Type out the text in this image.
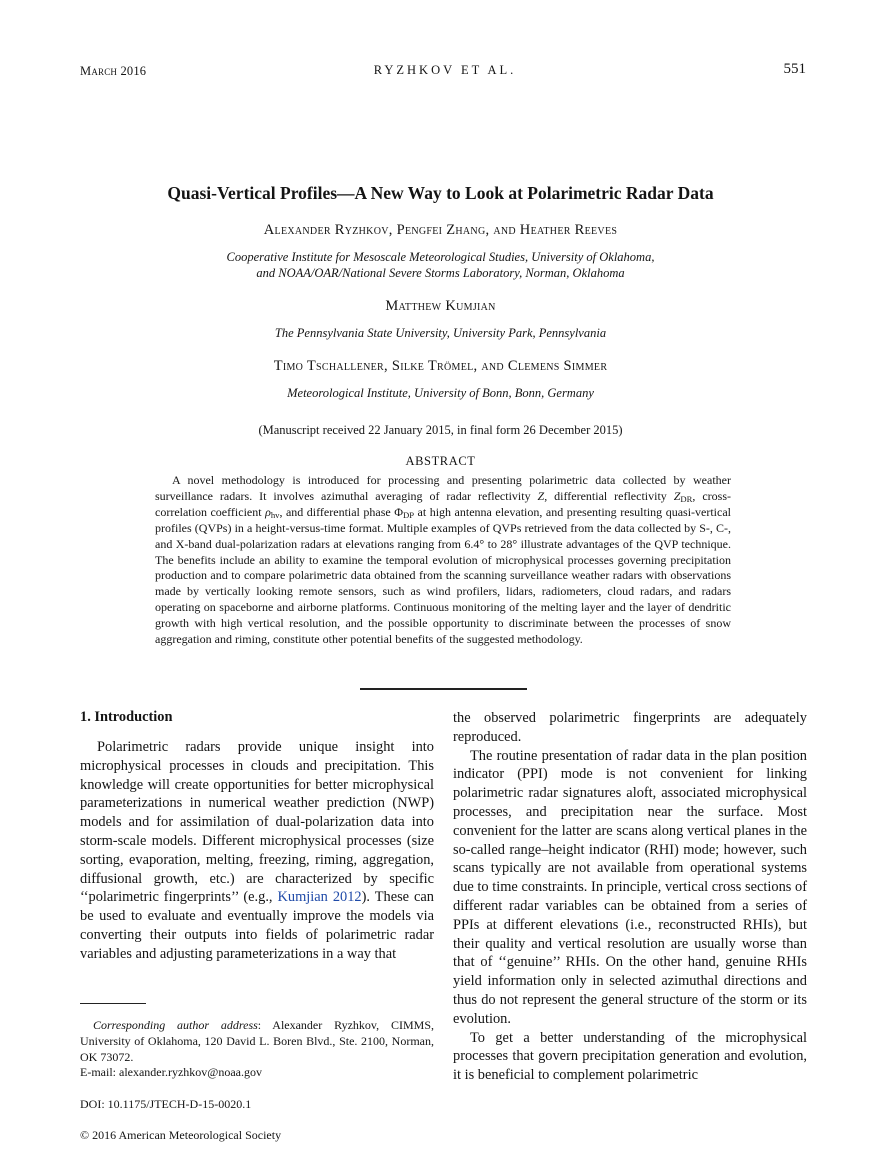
March 2016	RYZHKOV ET AL.	551
Quasi-Vertical Profiles—A New Way to Look at Polarimetric Radar Data
Alexander Ryzhkov, Pengfei Zhang, and Heather Reeves
Cooperative Institute for Mesoscale Meteorological Studies, University of Oklahoma,
and NOAA/OAR/National Severe Storms Laboratory, Norman, Oklahoma
Matthew Kumjian
The Pennsylvania State University, University Park, Pennsylvania
Timo Tschallener, Silke Trömel, and Clemens Simmer
Meteorological Institute, University of Bonn, Bonn, Germany
(Manuscript received 22 January 2015, in final form 26 December 2015)
ABSTRACT

A novel methodology is introduced for processing and presenting polarimetric data collected by weather surveillance radars. It involves azimuthal averaging of radar reflectivity Z, differential reflectivity $Z_{DR}$, cross-correlation coefficient $\rho_{hv}$, and differential phase $\Phi_{DP}$ at high antenna elevation, and presenting resulting quasi-vertical profiles (QVPs) in a height-versus-time format. Multiple examples of QVPs retrieved from the data collected by S-, C-, and X-band dual-polarization radars at elevations ranging from 6.4° to 28° illustrate advantages of the QVP technique. The benefits include an ability to examine the temporal evolution of microphysical processes governing precipitation production and to compare polarimetric data obtained from the scanning surveillance weather radars with observations made by vertically looking remote sensors, such as wind profilers, lidars, radiometers, cloud radars, and radars operating on spaceborne and airborne platforms. Continuous monitoring of the melting layer and the layer of dendritic growth with high vertical resolution, and the possible opportunity to discriminate between the processes of snow aggregation and riming, constitute other potential benefits of the suggested methodology.

1. Introduction

Polarimetric radars provide unique insight into microphysical processes in clouds and precipitation. This knowledge will create opportunities for better microphysical parameterizations in numerical weather prediction (NWP) models and for assimilation of dual-polarization data into storm-scale models. Different microphysical processes (size sorting, evaporation, melting, freezing, riming, aggregation, diffusional growth, etc.) are characterized by specific ‘‘polarimetric fingerprints’’ (e.g., Kumjian 2012). These can be used to evaluate and eventually improve the models via converting their outputs into fields of polarimetric radar variables and adjusting parameterizations in a way that

the observed polarimetric fingerprints are adequately reproduced.

The routine presentation of radar data in the plan position indicator (PPI) mode is not convenient for linking polarimetric radar signatures aloft, associated microphysical processes, and precipitation near the surface. Most convenient for the latter are scans along vertical planes in the so-called range–height indicator (RHI) mode; however, such scans typically are not available from operational systems due to time constraints. In principle, vertical cross sections of different radar variables can be obtained from a series of PPIs at different elevations (i.e., reconstructed RHIs), but their quality and vertical resolution are usually worse than that of ‘‘genuine’’ RHIs. On the other hand, genuine RHIs yield information only in selected azimuthal directions and thus do not represent the general structure of the storm or its evolution.

To get a better understanding of the microphysical processes that govern precipitation generation and evolution, it is beneficial to complement polarimetric

Corresponding author address: Alexander Ryzhkov, CIMMS, University of Oklahoma, 120 David L. Boren Blvd., Ste. 2100, Norman, OK 73072.

E-mail: alexander.ryzhkov@noaa.gov

DOI: 10.1175/JTECH-D-15-0020.1
© 2016 American Meteorological Society
